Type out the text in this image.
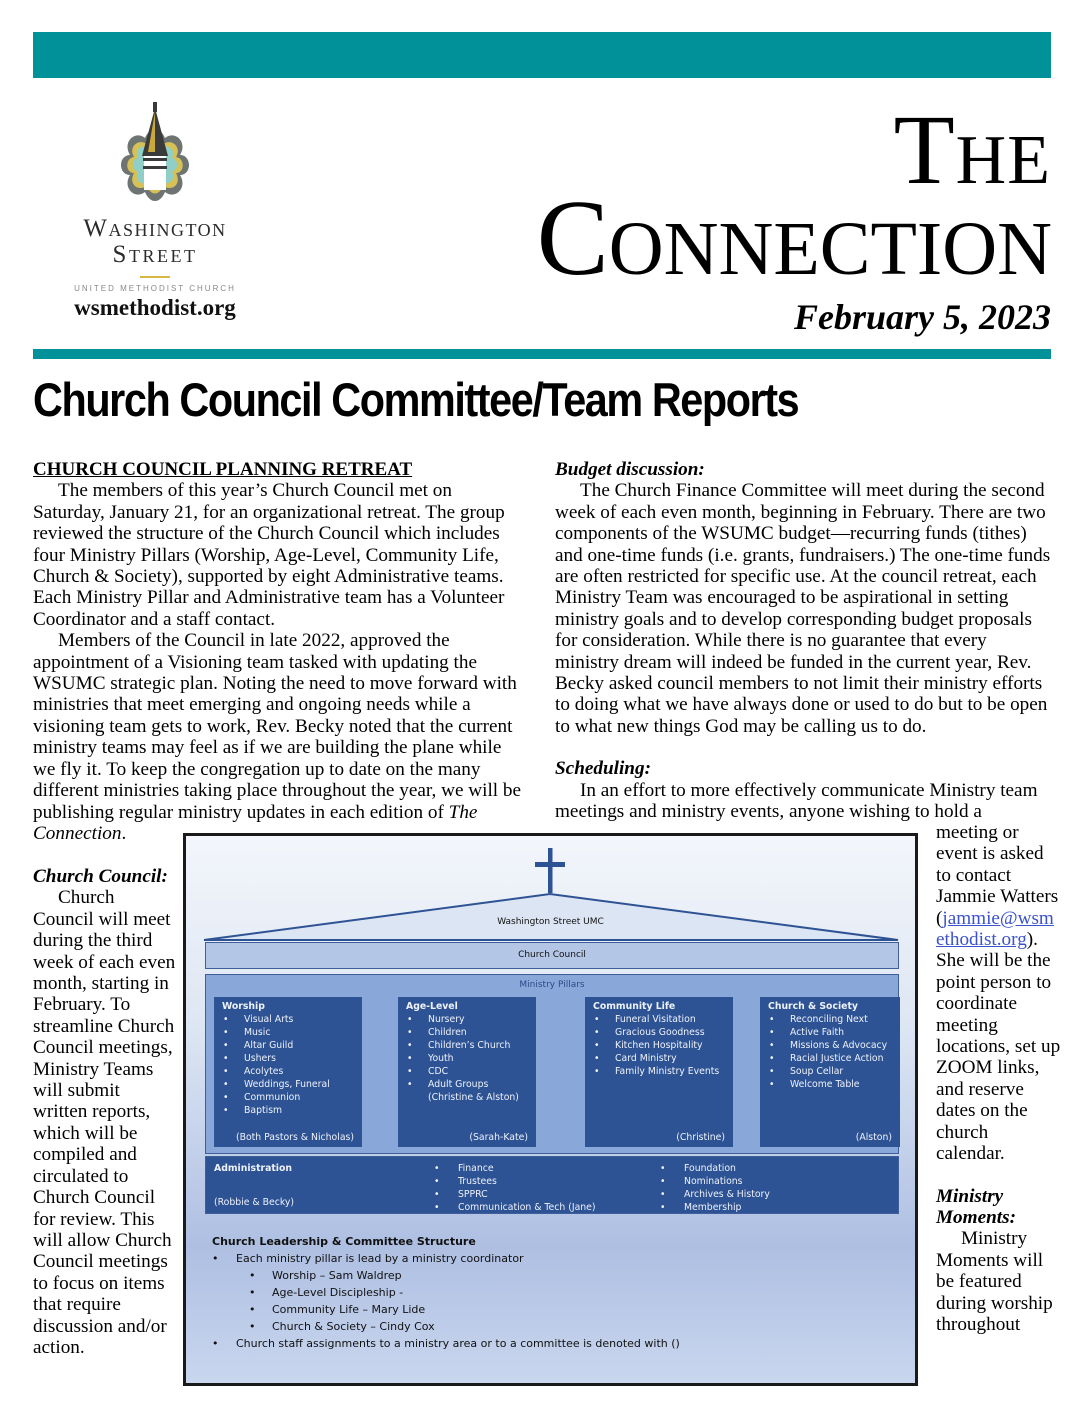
Washington
Street
UNITED METHODIST CHURCH
wsmethodist.org
The
Connection
February 5, 2023
Church Council Committee/Team Reports

CHURCH COUNCIL PLANNING RETREAT

The members of this year’s Church Council met on Saturday, January 21, for an organizational retreat. The group reviewed the structure of the Church Council which includes four Ministry Pillars (Worship, Age-Level, Community Life, Church & Society), supported by eight Administrative teams. Each Ministry Pillar and Administrative team has a Volunteer Coordinator and a staff contact.

Members of the Council in late 2022, approved the appointment of a Visioning team tasked with updating the WSUMC strategic plan. Noting the need to move forward with ministries that meet emerging and ongoing needs while a visioning team gets to work, Rev. Becky noted that the current ministry teams may feel as if we are building the plane while we fly it. To keep the congregation up to date on the many different ministries taking place throughout the year, we will be publishing regular ministry updates in each edition of The Connection.

Church Council:

Church Council will meet during the third week of each even month, starting in February. To streamline Church Council meetings, Ministry Teams will submit written reports, which will be compiled and circulated to Church Council for review. This will allow Church Council meetings to focus on items that require discussion and/or action.

Budget discussion:

The Church Finance Committee will meet during the second week of each even month, beginning in February. There are two components of the WSUMC budget—recurring funds (tithes) and one-time funds (i.e. grants, fundraisers.) The one-time funds are often restricted for specific use. At the council retreat, each Ministry Team was encouraged to be aspirational in setting ministry goals and to develop corresponding budget proposals for consideration. While there is no guarantee that every ministry dream will indeed be funded in the current year, Rev. Becky asked council members to not limit their ministry efforts to doing what we have always done or used to do but to be open to what new things God may be calling us to do.

Scheduling:

In an effort to more effectively communicate Ministry team meetings and ministry events, anyone wishing to hold a

meeting or event is asked to contact Jammie Watters (jammie@wsmethodist.org). She will be the point person to coordinate meeting locations, set up ZOOM links, and reserve dates on the church calendar.

Ministry Moments:

Ministry Moments will be featured during worship throughout

Washington Street UMC
Church Council
Ministry Pillars
Worship
• Visual Arts
• Music
• Altar Guild
• Ushers
• Acolytes
• Weddings, Funeral
• Communion
• Baptism
(Both Pastors & Nicholas)
Age-Level
• Nursery
• Children
• Children’s Church
• Youth
• CDC
• Adult Groups
(Christine & Alston)
(Sarah-Kate)
Community Life
• Funeral Visitation
• Gracious Goodness
• Kitchen Hospitality
• Card Ministry
• Family Ministry Events
(Christine)
Church & Society
• Reconciling Next
• Active Faith
• Missions & Advocacy
• Racial Justice Action
• Soup Cellar
• Welcome Table
(Alston)
Administration
(Robbie & Becky)
• Finance
• Trustees
• SPPRC
• Communication & Tech (Jane)
• Foundation
• Nominations
• Archives & History
• Membership
Church Leadership & Committee Structure
• Each ministry pillar is lead by a ministry coordinator
• Worship – Sam Waldrep
• Age-Level Discipleship -
• Community Life – Mary Lide
• Church & Society – Cindy Cox
• Church staff assignments to a ministry area or to a committee is denoted with ()
